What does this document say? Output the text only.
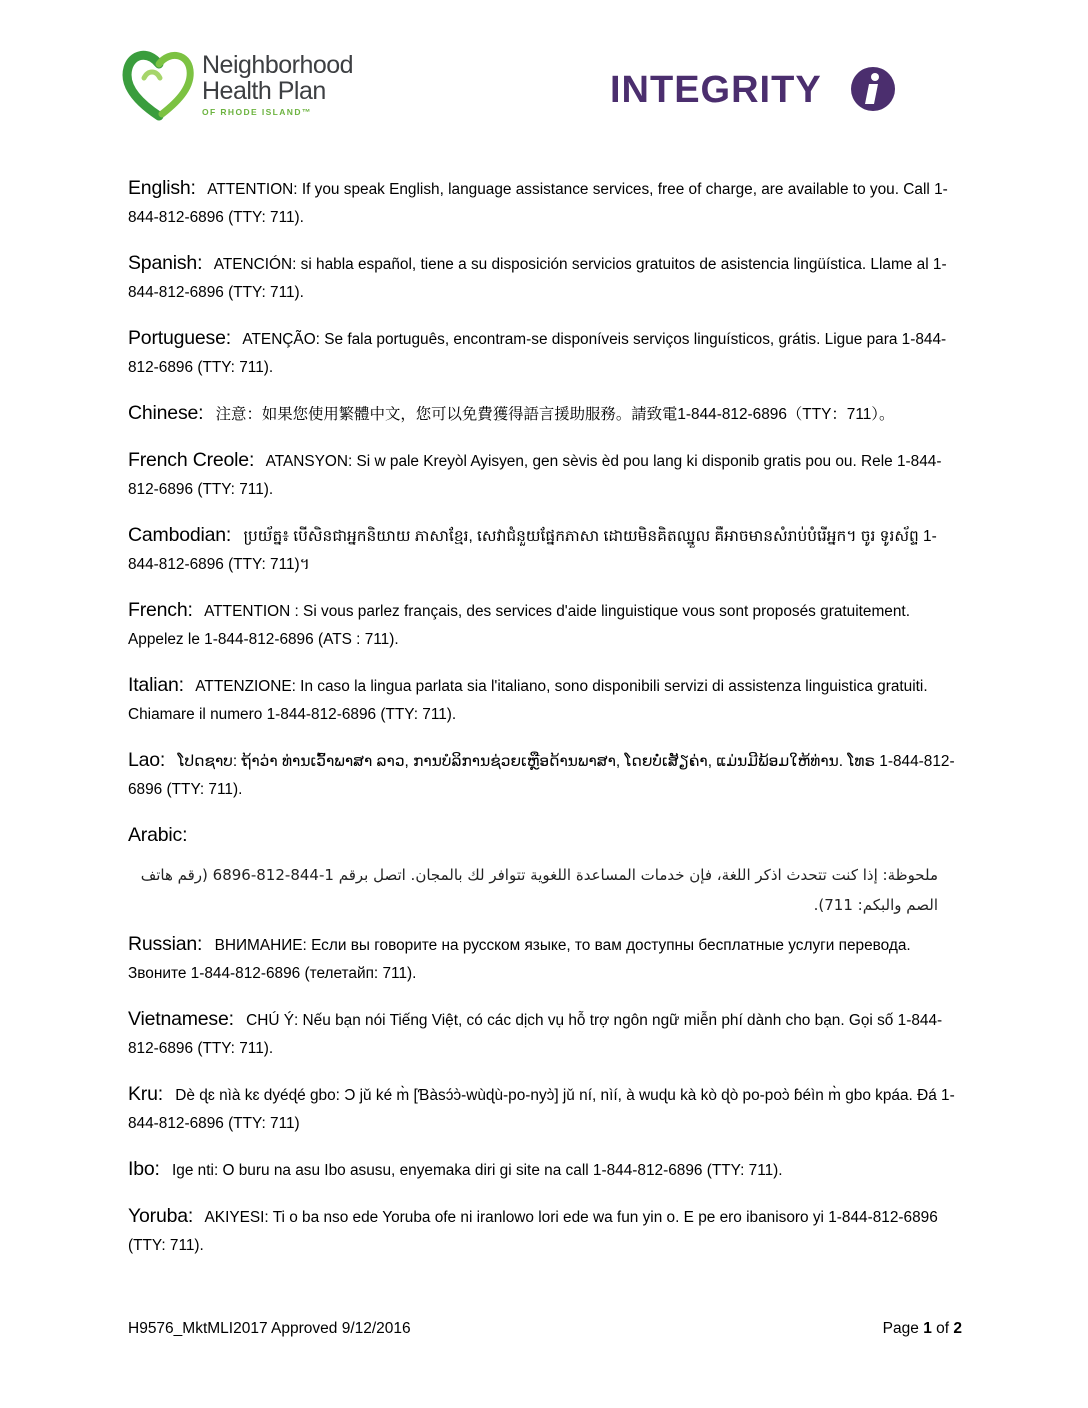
Neighborhood
Health Plan
OF RHODE ISLAND™
INTEGRITY
English: ATTENTION: If you speak English, language assistance services, free of charge, are available to you. Call 1-844-812-6896 (TTY: 711).
Spanish: ATENCIÓN: si habla español, tiene a su disposición servicios gratuitos de asistencia lingüística. Llame al 1-844-812-6896 (TTY: 711).
Portuguese: ATENÇÃO: Se fala português, encontram-se disponíveis serviços linguísticos, grátis. Ligue para 1-844-812-6896 (TTY: 711).
Chinese: 注意：如果您使用繁體中文，您可以免費獲得語言援助服務。請致電1-844-812-6896（TTY：711）。
French Creole: ATANSYON: Si w pale Kreyòl Ayisyen, gen sèvis èd pou lang ki disponib gratis pou ou. Rele 1-844-812-6896 (TTY: 711).
Cambodian: ប្រយ័ត្ន៖ បើសិនជាអ្នកនិយាយ ភាសាខ្មែរ, សេវាជំនួយផ្នែកភាសា ដោយមិនគិតឈ្នួល គឺអាចមានសំរាប់បំរើអ្នក។ ចូរ ទូរស័ព្ទ 1-844-812-6896 (TTY: 711)។
French: ATTENTION : Si vous parlez français, des services d'aide linguistique vous sont proposés gratuitement. Appelez le 1-844-812-6896 (ATS : 711).
Italian: ATTENZIONE: In caso la lingua parlata sia l'italiano, sono disponibili servizi di assistenza linguistica gratuiti. Chiamare il numero 1-844-812-6896 (TTY: 711).
Lao: ໂປດຊາບ: ຖ້າວ່າ ທ່ານເວົ້າພາສາ ລາວ, ການບໍລິການຊ່ວຍເຫຼືອດ້ານພາສາ, ໂດຍບໍ່ເສັຽຄ່າ, ແມ່ນມີພ້ອມໃຫ້ທ່ານ. ໂທຣ 1-844-812-6896 (TTY: 711).
Arabic:
ملحوظة: إذا كنت تتحدث اذكر اللغة، فإن خدمات المساعدة اللغوية تتوافر لك بالمجان. اتصل برقم 1-844-812-6896 (رقم هاتف الصم والبكم: 711).
Russian: ВНИМАНИЕ: Если вы говорите на русском языке, то вам доступны бесплатные услуги перевода. Звоните 1-844-812-6896 (телетайп: 711).
Vietnamese: CHÚ Ý: Nếu bạn nói Tiếng Việt, có các dịch vụ hỗ trợ ngôn ngữ miễn phí dành cho bạn. Gọi số 1-844-812-6896 (TTY: 711).
Kru: Dè ɖɛ nìà kɛ dyéɖé gbo: Ɔ jǔ ké m̀ [Ɓàsɔ́ɔ̀-wùɖù-po-nyɔ̀] jǔ ní, nìí, à wuɖu kà kò ɖò po-poɔ̀ ɓéìn m̀ gbo kpáa. Ɖá 1-844-812-6896 (TTY: 711)
Ibo: Ige nti: O buru na asu Ibo asusu, enyemaka diri gi site na call 1-844-812-6896 (TTY: 711).
Yoruba: AKIYESI: Ti o ba nso ede Yoruba ofe ni iranlowo lori ede wa fun yin o. E pe ero ibanisoro yi 1-844-812-6896 (TTY: 711).
H9576_MktMLI2017 Approved 9/12/2016	Page 1 of 2
